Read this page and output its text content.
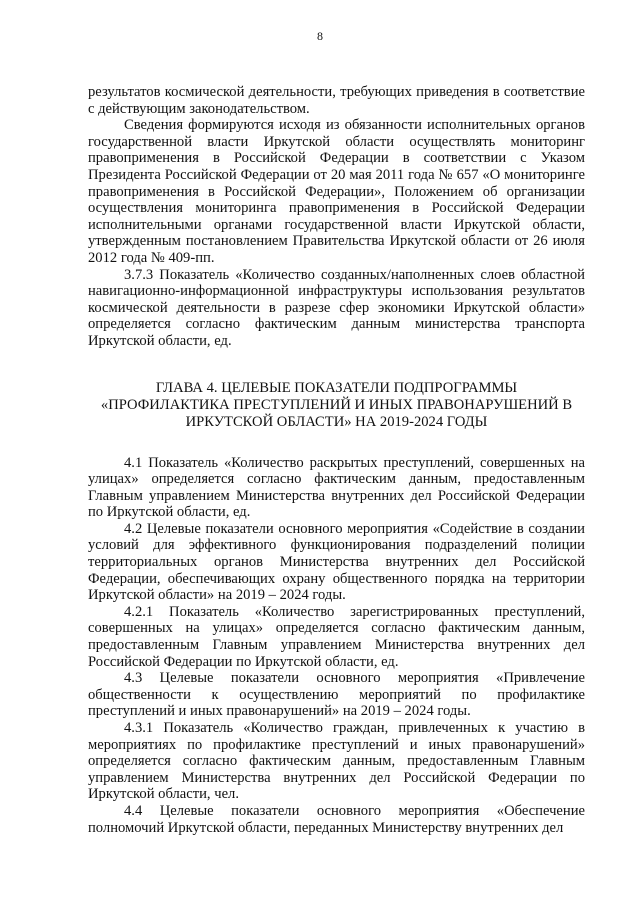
8

результатов космической деятельности, требующих приведения в соответствие с действующим законодательством.

Сведения формируются исходя из обязанности исполнительных органов государственной власти Иркутской области осуществлять мониторинг правоприменения в Российской Федерации в соответствии с Указом Президента Российской Федерации от 20 мая 2011 года № 657 «О мониторинге правоприменения в Российской Федерации», Положением об организации осуществления мониторинга правоприменения в Российской Федерации исполнительными органами государственной власти Иркутской области, утвержденным постановлением Правительства Иркутской области от 26 июля 2012 года № 409-пп.

3.7.3 Показатель «Количество созданных/наполненных слоев областной навигационно-информационной инфраструктуры использования результатов космической деятельности в разрезе сфер экономики Иркутской области» определяется согласно фактическим данным министерства транспорта Иркутской области, ед.

ГЛАВА 4. ЦЕЛЕВЫЕ ПОКАЗАТЕЛИ ПОДПРОГРАММЫ
«ПРОФИЛАКТИКА ПРЕСТУПЛЕНИЙ И ИНЫХ ПРАВОНАРУШЕНИЙ В
ИРКУТСКОЙ ОБЛАСТИ» НА 2019-2024 ГОДЫ

4.1 Показатель «Количество раскрытых преступлений, совершенных на улицах» определяется согласно фактическим данным, предоставленным Главным управлением Министерства внутренних дел Российской Федерации по Иркутской области, ед.

4.2 Целевые показатели основного мероприятия «Содействие в создании условий для эффективного функционирования подразделений полиции территориальных органов Министерства внутренних дел Российской Федерации, обеспечивающих охрану общественного порядка на территории Иркутской области» на 2019 – 2024 годы.

4.2.1 Показатель «Количество зарегистрированных преступлений, совершенных на улицах» определяется согласно фактическим данным, предоставленным Главным управлением Министерства внутренних дел Российской Федерации по Иркутской области, ед.

4.3 Целевые показатели основного мероприятия «Привлечение общественности к осуществлению мероприятий по профилактике преступлений и иных правонарушений» на 2019 – 2024 годы.

4.3.1 Показатель «Количество граждан, привлеченных к участию в мероприятиях по профилактике преступлений и иных правонарушений» определяется согласно фактическим данным, предоставленным Главным управлением Министерства внутренних дел Российской Федерации по Иркутской области, чел.

4.4 Целевые показатели основного мероприятия «Обеспечение полномочий Иркутской области, переданных Министерству внутренних дел
